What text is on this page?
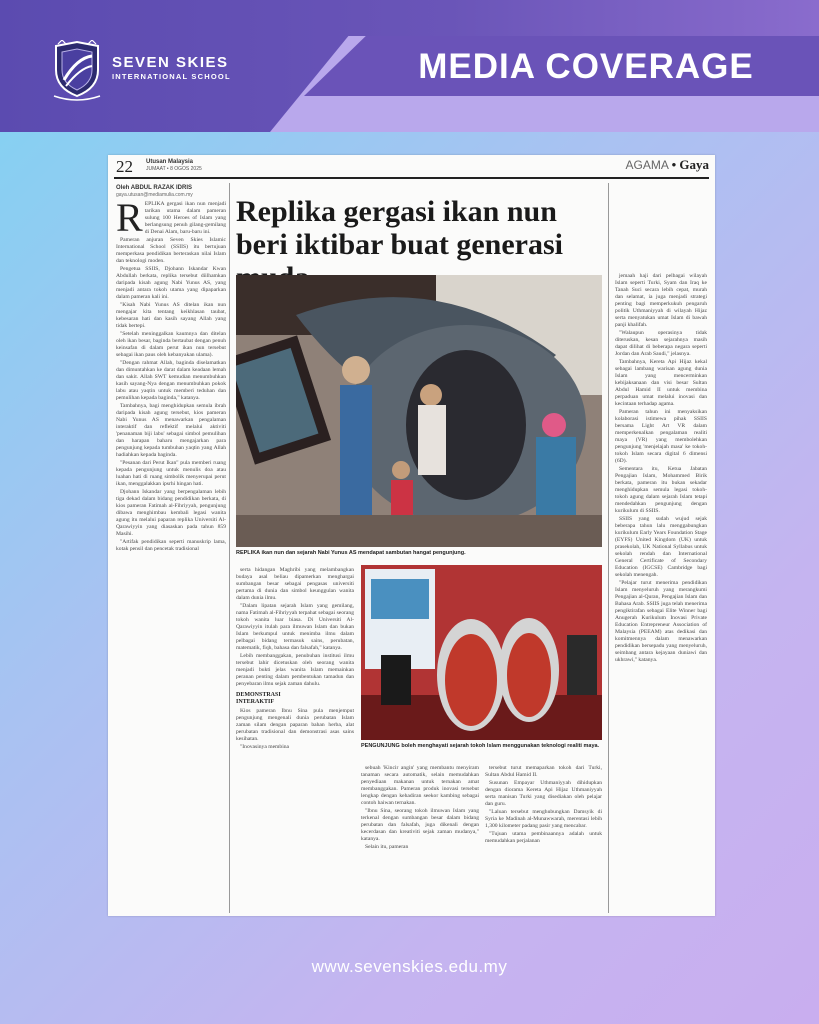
MEDIA COVERAGE
SEVEN SKIES
INTERNATIONAL SCHOOL
22 Utusan Malaysia
JUMAAT • 8 OGOS 2025	AGAMA • Gaya
Oleh ABDUL RAZAK IDRIS
gaya.utusan@mediamulia.com.my

REPLIKA gergasi ikan nun menjadi tarikan utama dalam pameran sulung 100 Heroes of Islam yang berlangsung penuh gilang-gemilang di Denai Alam, baru-baru ini.

Pameran anjuran Seven Skies Islamic International School (SSIIS) itu bertujuan memperkasa pendidikan berteraskan nilai Islam dan teknologi moden.

Pengetua SSIIS, Djohann Iskandar Kwan Abdullah berkata, replika tersebut diilhamkan daripada kisah agung Nabi Yunus AS, yang menjadi antara tokoh utama yang dipaparkan dalam pameran kali ini.

"Kisah Nabi Yunus AS ditelan ikan nun mengajar kita tentang keikhlasan taubat, kebesaran hati dan kasih sayang Allah yang tidak bertepi.

"Setelah meninggalkan kaumnya dan ditelan oleh ikan besar, baginda bertaubat dengan penuh keinsafan di dalam perut ikan nun tersebut sebagai ikan paus oleh kebanyakan ulama).

"Dengan rahmat Allah, baginda diselamatkan dan dimuntahkan ke darat dalam keadaan lemah dan sakit. Allah SWT kemudian menumbuhkan kasih sayang-Nya dengan menumbuhkan pokok labu atau yaqtin untuk memberi teduhan dan pemulihan kepada baginda," katanya.

Tambahnya, bagi menghidupkan semula ibrah daripada kisah agung tersebut, kios pameran Nabi Yunus AS menawarkan pengalaman interaktif dan reflektif melalui aktiviti 'penanaman biji labu' sebagai simbol pemulihan dan harapan baharu mengajarkan para pengunjung kepada tumbuhan yaqtin yang Allah hadiahkan kepada baginda.

"Pesanan dari Perut Ikan" pula memberi ruang kepada pengunjung untuk menulis doa atau luahan hati di ruang simbolik menyerupai perut ikan, menggalakkan ipsrhi hingan hati.

Djohann Iskandar yang berpengalaman lebih tiga dekad dalam bidang pendidikan berkata, di kios pameran Fatimah al-Fihriyyah, pengunjung dibawa menghimbau kembali legasi wanita agung itu melalui paparan replika Universiti Al-Qarawiyyin yang diasaskan pada tahun 859 Masihi.

"Artifak pendidikan seperti manuskrip lama, kotak pensil dan pencetak tradisional

Replika gergasi ikan nun beri iktibar buat generasi
REPLIKA ikan nun dan sejarah Nabi Yunus AS mendapat sambutan hangat pengunjung.

serta hidangan Maghribi yang melambangkan budaya asal beliau dipamerkan menghargai sumbangan besar sebagai pengasas universiti pertama di dunia dan simbol keunggulan wanita dalam dunia ilmu.

"Dalam lipatan sejarah Islam yang gemilang, nama Fatimah al-Fihriyyah terpahat sebagai seorang tokoh wanita luar biasa. Di Universiti Al-Qarawiyyin itulah para ilmuwan Islam dan bukan Islam berkumpul untuk menimba ilmu dalam pelbagai bidang termasuk sains, perubatan, matematik, fiqh, bahasa dan falsafah," katanya.

Lebih membanggakan, penubuhan institusi ilmu tersebut lahir dicetuskan oleh seorang wanita menjadi bukti jelas wanita Islam memainkan peranan penting dalam pembentukan tamadun dan penyebaran ilmu sejak zaman dahulu.

DEMONSTRASI INTERAKTIF

Kios pameran Ibnu Sina pula menjemput pengunjung mengenali dunia perubatan Islam zaman silam dengan paparan bahan herba, alat perubatan tradisional dan demonstrasi asas sains kesihatan.

"Inovasinya membina	PENGUNJUNG boleh menghayati sejarah tokoh Islam menggunakan teknologi realiti maya.

sebuah 'Kincir angin' yang membantu menyiram tanaman secara automatik, selain memudahkan penyediaan makanan untuk ternakan amat membanggakan. Pameran produk inovasi tersebut lengkap dengan kehadiran seekor kambing sebagai contoh haiwan ternakan.

"Ibnu Sina, seorang tokoh ilmuwan Islam yang terkenal dengan sumbangan besar dalam bidang perubatan dan falsafah, juga dikenali dengan kecerdasan dan kreativiti sejak zaman mudanya," katanya.

Selain itu, pameran

tersebut turut memaparkan tokoh dari Turki, Sultan Abdul Hamid II.

Susunan Empayar Uthmaniyyah dihidupkan dengan diorama Kereta Api Hijaz Uthmaniyyah serta manisan Turki yang disediakan oleh pelajar dan guru.

"Laluan tersebut menghubungkan Damsyik di Syria ke Madinah al-Munawwarah, merentasi lebih 1,300 kilometer padang pasir yang mencabar.

"Tujuan utama pembinaannya adalah untuk memudahkan perjalanan

jemaah haji dari pelbagai wilayah Islam seperti Turki, Syam dan Iraq ke Tanah Suci secara lebih cepat, murah dan selamat, ia juga menjadi strategi penting bagi memperkukuh pengaruh politik Uthmaniyyah di wilayah Hijaz serta menyatukan umat Islam di bawah panji khalifah.

"Walaupun operasinya tidak diteruskan, kesan sejarahnya masih dapat dilihat di beberapa negara seperti Jordan dan Arab Saudi," jelasnya.

Tambahnya, Kereta Api Hijaz kekal sebagai lambang warisan agung dunia Islam yang mencerminkan kebijaksanaan dan visi besar Sultan Abdul Hamid II untuk membina perpaduan umat melalui inovasi dan kecintaan terhadap agama.

Pameran tahun ini menyaksikan kolaborasi istimewa pihak SSIIS bersama Light Art VR dalam memperkenalkan pengalaman realiti maya (VR) yang membolehkan pengunjung 'menjelajah masa' ke tokoh-tokoh Islam secara digital 6 dimensi (6D).

Sementara itu, Ketua Jabatan Pengajian Islam, Mohammed Birik berkata, pameran itu bukan sekadar menghidupkan semula legasi tokoh-tokoh agung dalam sejarah Islam tetapi mendedahkan pengunjung dengan kurikulum di SSIIS.

SSIIS yang sudah wujud sejak beberapa tahun lalu menggabungkan kurikulum Early Years Foundation Stage (EYFS) United Kingdom (UK) untuk prasekolah, UK National Syllabus untuk sekolah rendah dan International General Certificate of Secondary Education (IGCSE) Cambridge bagi sekolah menengah.

"Pelajar turut menerima pendidikan Islam menyeluruh yang merangkumi Pengajian al-Quran, Pengajian Islam dan Bahasa Arab. SSIIS juga telah menerima pengiktirafan sebagai Elite Winner bagi Anugerah Kurikulum Inovasi Private Education Entrepreneur Association of Malaysia (PEEAM) atas dedikasi dan komitmennya dalam menawarkan pendidikan bersepadu yang menyeluruh, seimbang antara kejayaan duniawi dan ukhrawi," katanya.

www.sevenskies.edu.my
